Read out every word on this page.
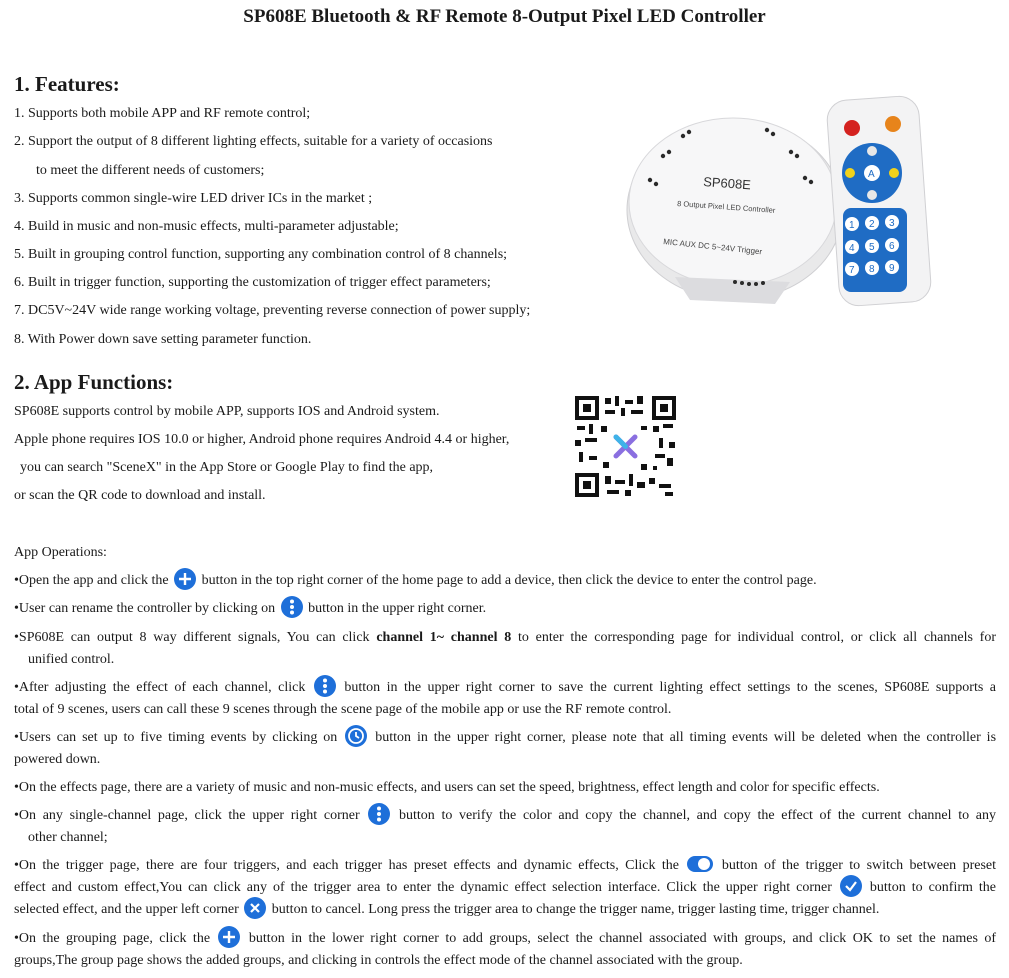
SP608E Bluetooth & RF Remote 8-Output Pixel LED Controller
1. Features:
1. Supports both mobile APP and RF remote control;
2. Support the output of 8 different lighting effects, suitable for a variety of occasions
to meet the different needs of customers;
3. Supports common single-wire LED driver ICs in the market ;
4. Build in music and non-music effects, multi-parameter adjustable;
5. Built in grouping control function, supporting any combination control of 8 channels;
6. Built in trigger function, supporting the customization of trigger effect parameters;
7. DC5V~24V wide range working voltage, preventing reverse connection of power supply;
8. With Power down save setting parameter function.
SP608E
8 Output Pixel LED Controller
MIC AUX DC 5~24V Trigger
A
1 2 3
4 5 6
7 8 9
2. App Functions:
SP608E supports control by mobile APP, supports IOS and Android system.
Apple phone requires IOS 10.0 or higher, Android phone requires Android 4.4 or higher,
you can search "SceneX" in the App Store or Google Play to find the app,
or scan the QR code to download and install.
App Operations:
•Open the app and click the button in the top right corner of the home page to add a device, then click the device to enter the control page.
•User can rename the controller by clicking on button in the upper right corner.
•SP608E can output 8 way different signals, You can click channel 1~ channel 8 to enter the corresponding page for individual control, or click all channels for
unified control.
•After adjusting the effect of each channel, click	button in the upper right corner to save the current lighting effect settings to the scenes, SP608E supports a
total of 9 scenes, users can call these 9 scenes through the scene page of the mobile app or use the RF remote control.
•Users can set up to five timing events by clicking on	button in the upper right corner, please note that all timing events will be deleted when the controller is
powered down.
•On the effects page, there are a variety of music and non-music effects, and users can set the speed, brightness, effect length and color for specific effects.
•On any single-channel page, click the upper right corner	button to verify the color and copy the channel, and copy the effect of the current channel to any
other channel;
•On the trigger page, there are four triggers, and each trigger has preset effects and dynamic effects, Click the	button of the trigger to switch between preset
effect and custom effect,You can click any of the trigger area to enter the dynamic effect selection interface. Click the upper right corner	button to confirm the
selected effect, and the upper left corner button to cancel. Long press the trigger area to change the trigger name, trigger lasting time, trigger channel.
•On the grouping page, click the	button in the lower right corner to add groups, select the channel associated with groups, and click OK to set the names of
groups,The group page shows the added groups, and clicking in controls the effect mode of the channel associated with the group.
